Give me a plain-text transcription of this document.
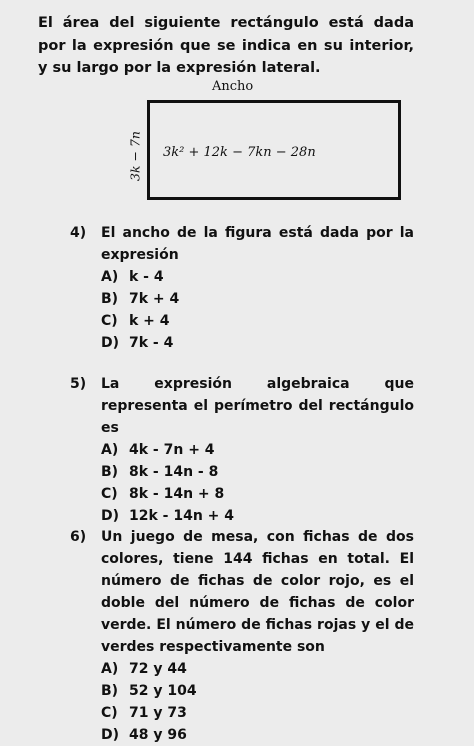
El área del siguiente rectángulo está dada por la expresión que se indica en su interior, y su largo por la expresión lateral.
Ancho
3k − 7n 3k² + 12k − 7kn − 28n
4)	El ancho de la figura está dada por la expresión
A) k - 4
B) 7k + 4
C) k + 4
D) 7k - 4
5)	La expresión algebraica que representa el perímetro del rectángulo es
A) 4k - 7n + 4
B) 8k - 14n - 8
C) 8k - 14n + 8
D) 12k - 14n + 4
6)	Un juego de mesa, con fichas de dos colores, tiene 144 fichas en total. El número de fichas de color rojo, es el doble del número de fichas de color verde. El número de fichas rojas y el de verdes respectivamente son
A) 72 y 44
B) 52 y 104
C) 71 y 73
D) 48 y 96
